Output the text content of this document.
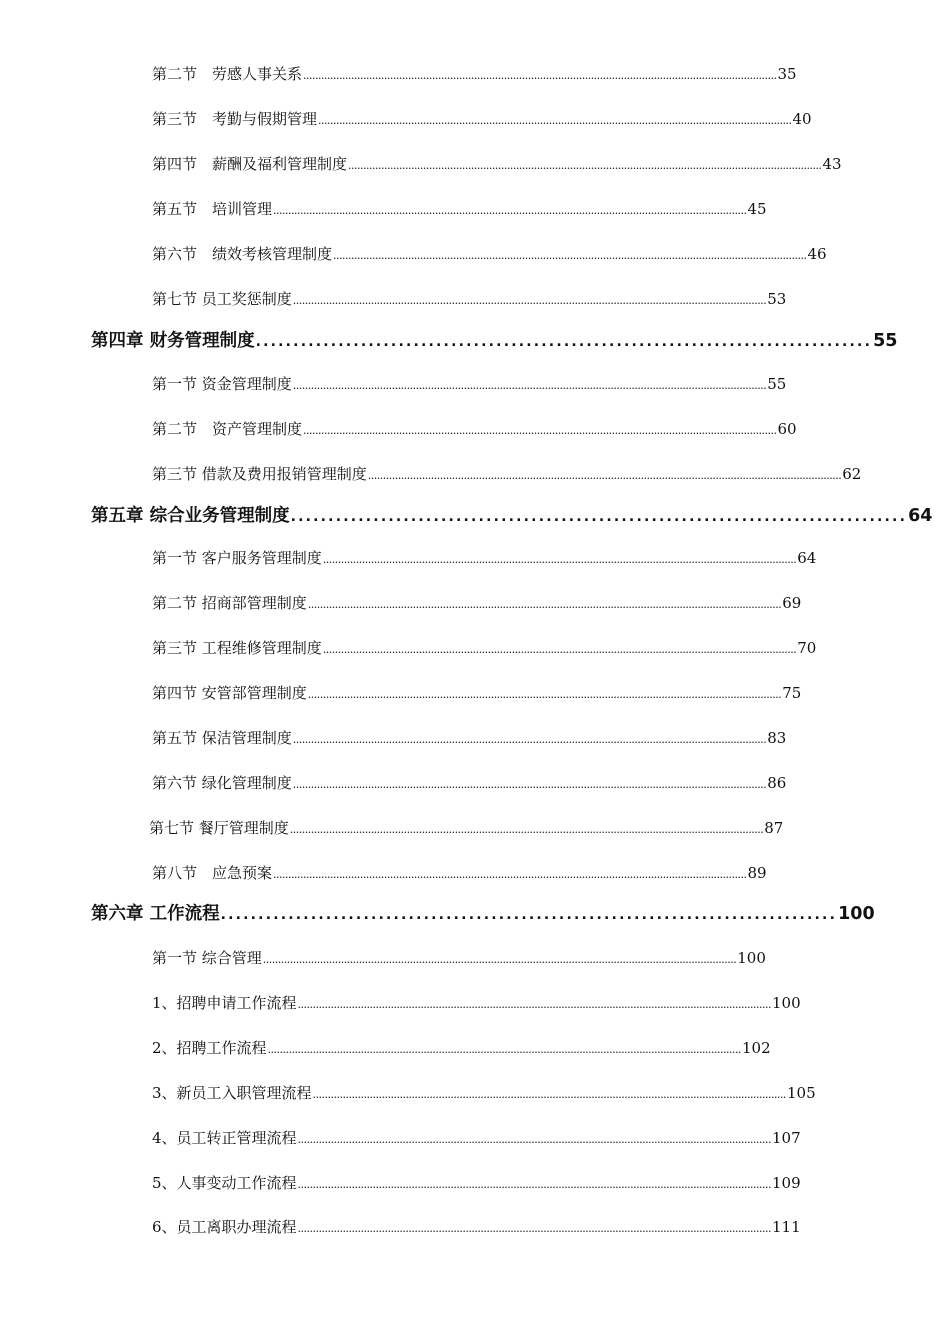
第二节　劳感人事关系 .............................................................................................................................................................. 35
第三节　考勤与假期管理 .............................................................................................................................................................. 40
第四节　薪酬及福利管理制度 .............................................................................................................................................................. 43
第五节　培训管理 .............................................................................................................................................................. 45
第六节　绩效考核管理制度 .............................................................................................................................................................. 46
第七节 员工奖惩制度 .............................................................................................................................................................. 53
第四章 财务管理制度 .................................................................................. 55
第一节 资金管理制度 .............................................................................................................................................................. 55
第二节　资产管理制度 .............................................................................................................................................................. 60
第三节 借款及费用报销管理制度 .............................................................................................................................................................. 62
第五章 综合业务管理制度 .................................................................................. 64
第一节 客户服务管理制度 .............................................................................................................................................................. 64
第二节 招商部管理制度 .............................................................................................................................................................. 69
第三节 工程维修管理制度 .............................................................................................................................................................. 70
第四节 安管部管理制度 .............................................................................................................................................................. 75
第五节 保洁管理制度 .............................................................................................................................................................. 83
第六节 绿化管理制度 .............................................................................................................................................................. 86
第七节 餐厅管理制度 .............................................................................................................................................................. 87
第八节　应急预案 .............................................................................................................................................................. 89
第六章 工作流程 .................................................................................. 100
第一节 综合管理 .............................................................................................................................................................. 100
1、招聘申请工作流程 .............................................................................................................................................................. 100
2、招聘工作流程 .............................................................................................................................................................. 102
3、新员工入职管理流程 .............................................................................................................................................................. 105
4、员工转正管理流程 .............................................................................................................................................................. 107
5、人事变动工作流程 .............................................................................................................................................................. 109
6、员工离职办理流程 .............................................................................................................................................................. 111
